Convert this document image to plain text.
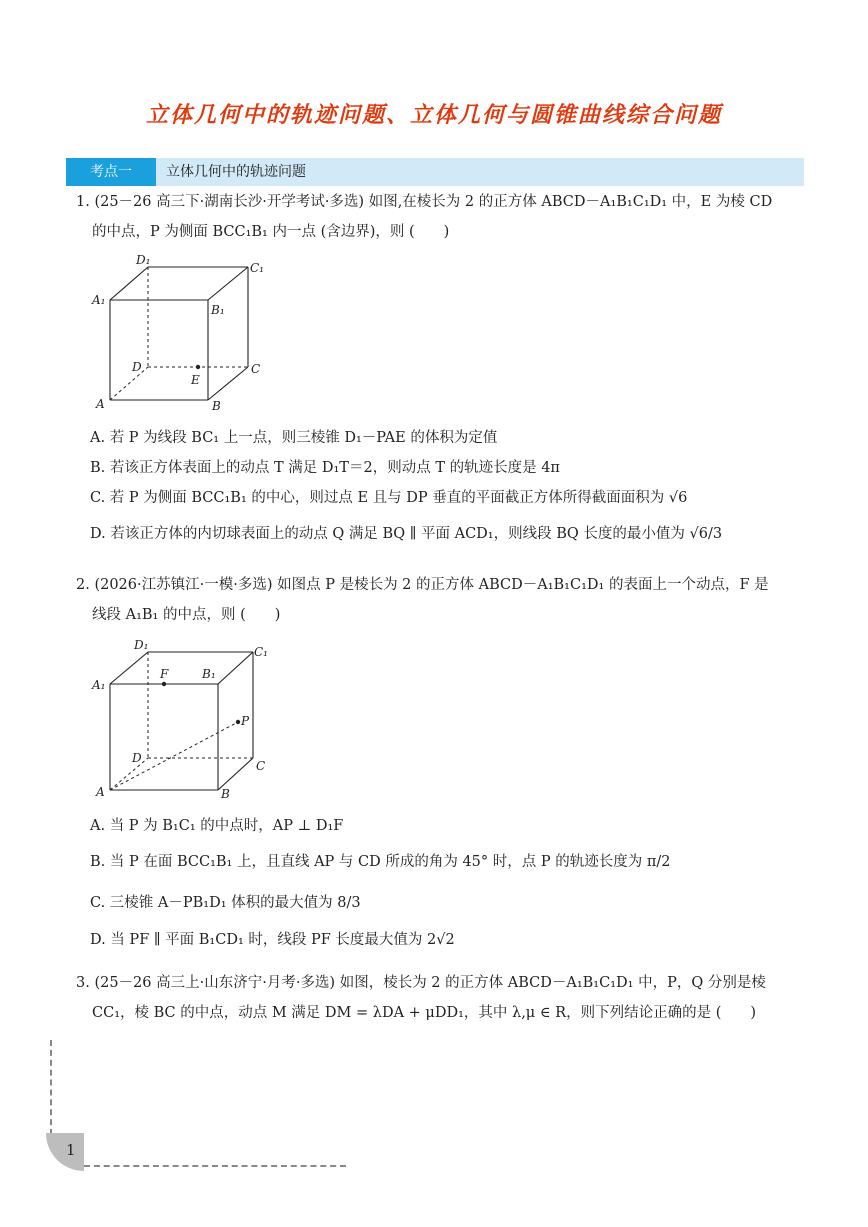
立体几何中的轨迹问题、立体几何与圆锥曲线综合问题
考点一	立体几何中的轨迹问题
1. (25－26 高三下·湖南长沙·开学考试·多选) 如图,在棱长为 2 的正方体 ABCD－A₁B₁C₁D₁ 中，E 为棱 CD
的中点，P 为侧面 BCC₁B₁ 内一点 (含边界)，则 (　　)
D₁
C₁
A₁
B₁
D
E
C
A	B
A. 若 P 为线段 BC₁ 上一点，则三棱锥 D₁－PAE 的体积为定值
B. 若该正方体表面上的动点 T 满足 D₁T＝2，则动点 T 的轨迹长度是 4π
C. 若 P 为侧面 BCC₁B₁ 的中心，则过点 E 且与 DP 垂直的平面截正方体所得截面面积为 √6
D. 若该正方体的内切球表面上的动点 Q 满足 BQ ∥ 平面 ACD₁，则线段 BQ 长度的最小值为 √6/3
2. (2026·江苏镇江·一模·多选) 如图点 P 是棱长为 2 的正方体 ABCD－A₁B₁C₁D₁ 的表面上一个动点，F 是
线段 A₁B₁ 的中点，则 (　　)
D₁	C₁
A₁
F	B₁
P
D
C
A	B
A. 当 P 为 B₁C₁ 的中点时，AP ⊥ D₁F
B. 当 P 在面 BCC₁B₁ 上，且直线 AP 与 CD 所成的角为 45° 时，点 P 的轨迹长度为 π/2
C. 三棱锥 A－PB₁D₁ 体积的最大值为 8/3
D. 当 PF ∥ 平面 B₁CD₁ 时，线段 PF 长度最大值为 2√2
3. (25－26 高三上·山东济宁·月考·多选) 如图，棱长为 2 的正方体 ABCD－A₁B₁C₁D₁ 中，P，Q 分别是棱
CC₁，棱 BC 的中点，动点 M 满足 DM = λDA + μDD₁，其中 λ,μ ∈ R，则下列结论正确的是 (　　)
1
